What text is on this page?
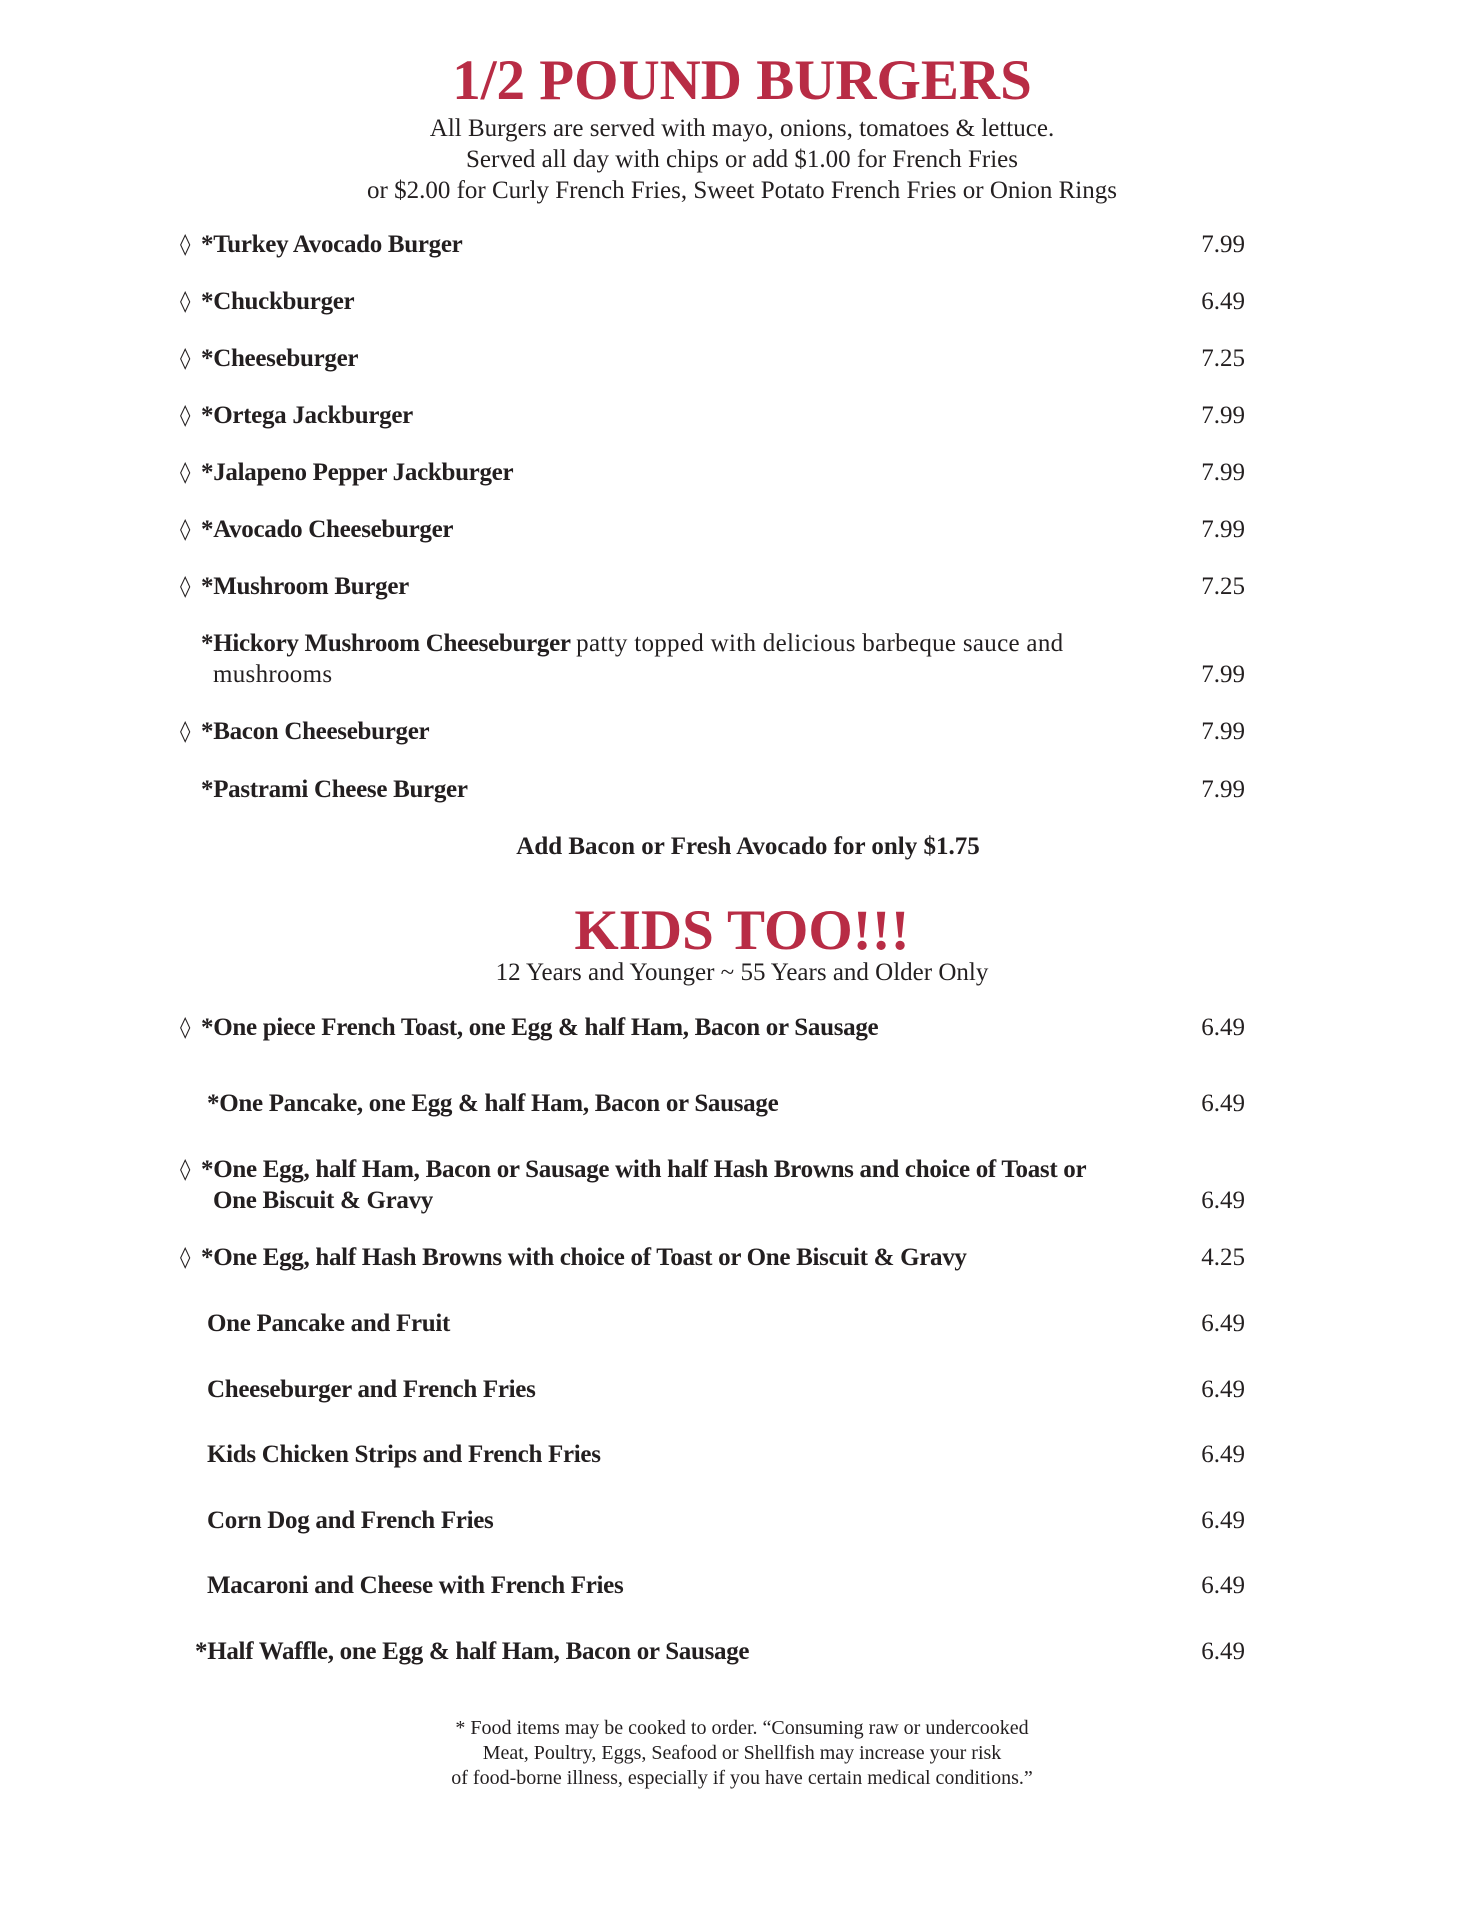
1/2 POUND BURGERS
All Burgers are served with mayo, onions, tomatoes & lettuce.
Served all day with chips or add $1.00 for French Fries
or $2.00 for Curly French Fries, Sweet Potato French Fries or Onion Rings
◊ *Turkey Avocado Burger	7.99
◊ *Chuckburger	6.49
◊ *Cheeseburger	7.25
◊ *Ortega Jackburger	7.99
◊ *Jalapeno Pepper Jackburger	7.99
◊ *Avocado Cheeseburger	7.99
◊ *Mushroom Burger	7.25
*Hickory Mushroom Cheeseburger patty topped with delicious barbeque sauce and
mushrooms	7.99
◊ *Bacon Cheeseburger	7.99
*Pastrami Cheese Burger	7.99
Add Bacon or Fresh Avocado for only $1.75
KIDS TOO!!!
12 Years and Younger ~ 55 Years and Older Only
◊ *One piece French Toast, one Egg & half Ham, Bacon or Sausage	6.49
*One Pancake, one Egg & half Ham, Bacon or Sausage	6.49
◊ *One Egg, half Ham, Bacon or Sausage with half Hash Browns and choice of Toast or
One Biscuit & Gravy	6.49
◊ *One Egg, half Hash Browns with choice of Toast or One Biscuit & Gravy	4.25
One Pancake and Fruit	6.49
Cheeseburger and French Fries	6.49
Kids Chicken Strips and French Fries	6.49
Corn Dog and French Fries	6.49
Macaroni and Cheese with French Fries	6.49
*Half Waffle, one Egg & half Ham, Bacon or Sausage	6.49
* Food items may be cooked to order. “Consuming raw or undercooked
Meat, Poultry, Eggs, Seafood or Shellfish may increase your risk
of food-borne illness, especially if you have certain medical conditions.”
